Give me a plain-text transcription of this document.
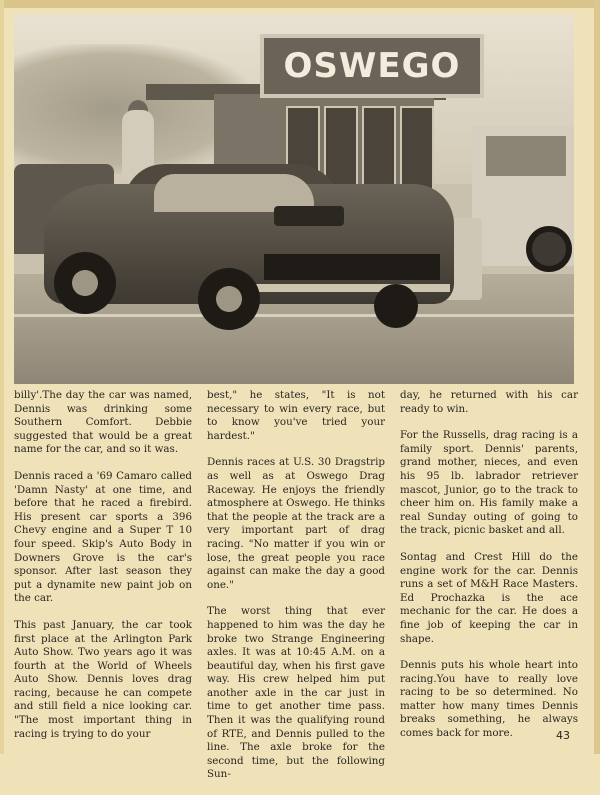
OSWEGO

billy'.The day the car was named, Dennis was drinking some Southern Comfort. Debbie suggested that would be a great name for the car, and so it was.

Dennis raced a '69 Camaro called 'Damn Nasty' at one time, and before that he raced a firebird. His present car sports a 396 Chevy engine and a Super T 10 four speed. Skip's Auto Body in Downers Grove is the car's sponsor. After last season they put a dynamite new paint job on the car.

This past January, the car took first place at the Arlington Park Auto Show. Two years ago it was fourth at the World of Wheels Auto Show. Dennis loves drag racing, because he can compete and still field a nice looking car. "The most important thing in racing is trying to do your

best," he states, "It is not necessary to win every race, but to know you've tried your hardest."

Dennis races at U.S. 30 Dragstrip as well as at Oswego Drag Raceway. He enjoys the friendly atmosphere at Oswego. He thinks that the people at the track are a very important part of drag racing. "No matter if you win or lose, the great people you race against can make the day a good one."

The worst thing that ever happened to him was the day he broke two Strange Engineering axles. It was at 10:45 A.M. on a beautiful day, when his first gave way. His crew helped him put another axle in the car just in time to get another time pass. Then it was the qualifying round of RTE, and Dennis pulled to the line. The axle broke for the second time, but the following Sun-

day, he returned with his car ready to win.

For the Russells, drag racing is a family sport. Dennis' parents, grand mother, nieces, and even his 95 lb. labrador retriever mascot, Junior, go to the track to cheer him on. His family make a real Sunday outing of going to the track, picnic basket and all.

Sontag and Crest Hill do the engine work for the car. Dennis runs a set of M&H Race Masters. Ed Prochazka is the ace mechanic for the car. He does a fine job of keeping the car in shape.

Dennis puts his whole heart into racing.You have to really love racing to be so determined. No matter how many times Dennis breaks something, he always comes back for more.	43
